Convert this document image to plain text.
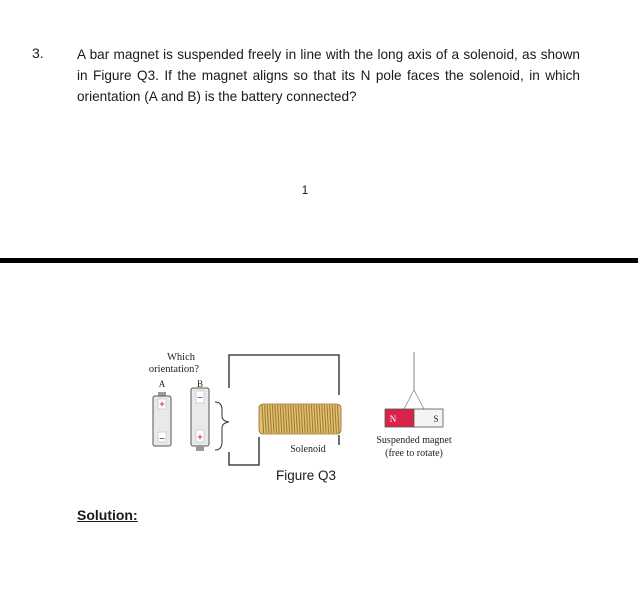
3. A bar magnet is suspended freely in line with the long axis of a solenoid, as shown in Figure Q3. If the magnet aligns so that its N pole faces the solenoid, in which orientation (A and B) is the battery connected?
1
Which
orientation?
A	B
+
–
–
+
Solenoid
N	S
Suspended magnet
(free to rotate)
Figure Q3
Solution:
